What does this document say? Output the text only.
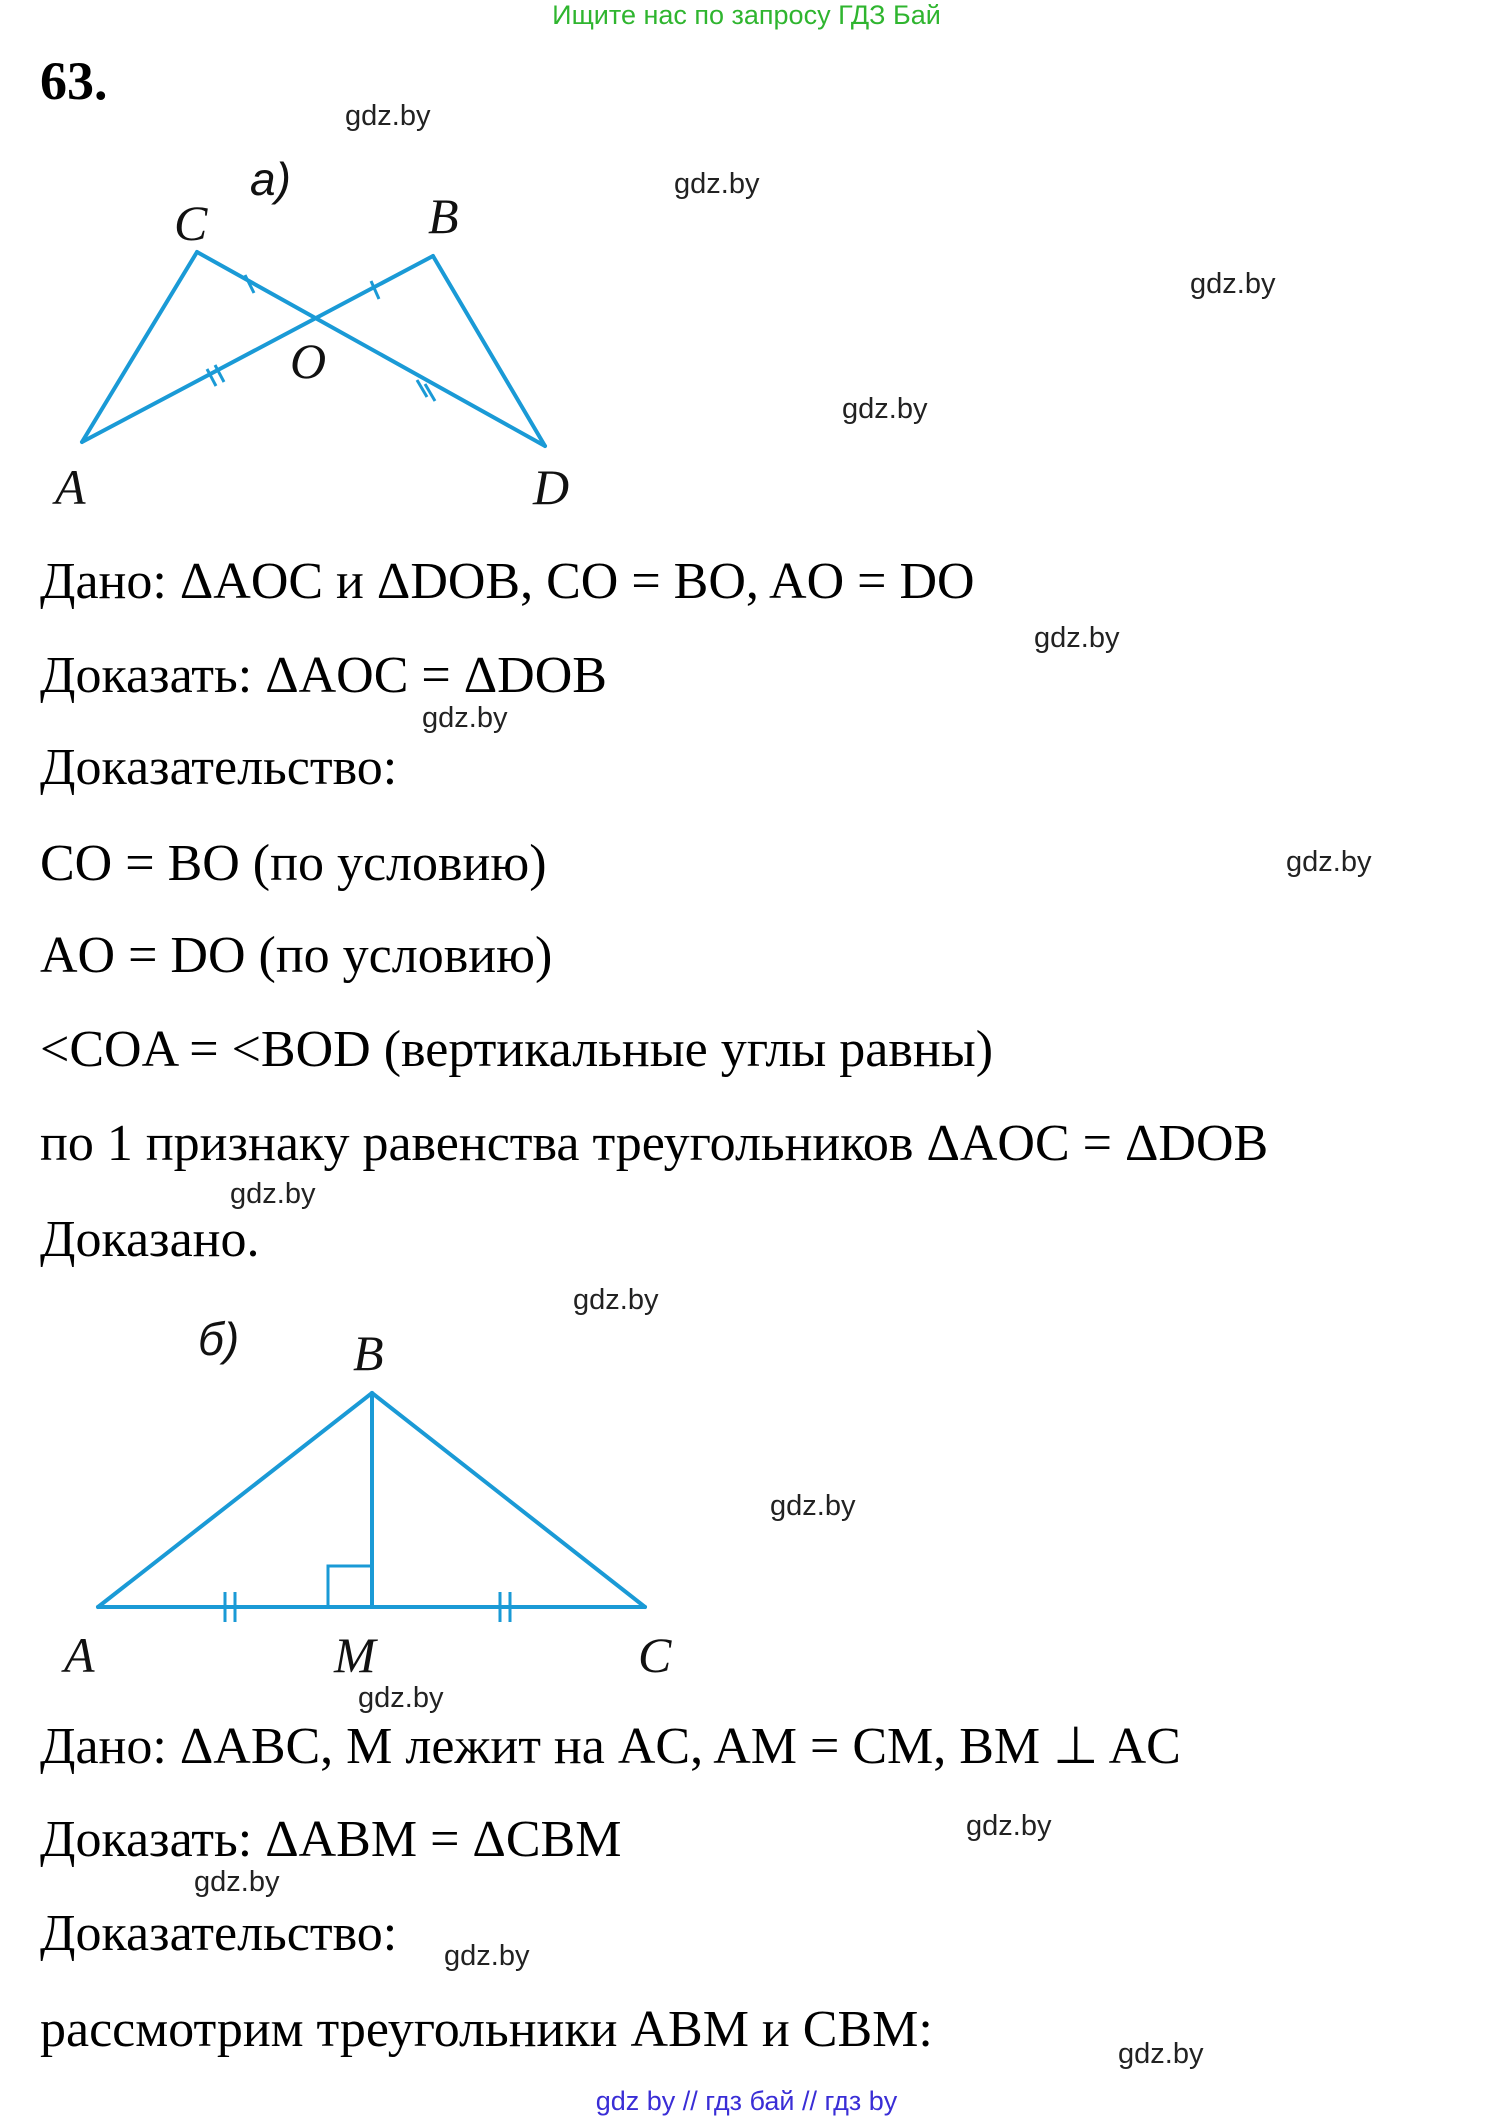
Ищите нас по запросу ГДЗ Бай
63.
а)
C	B
O
A	D
Дано: ΔAOC и ΔDOB, CO = BO, AO = DO
Доказать: ΔAOC = ΔDOB
Доказательство:
CO = BO (по условию)
AO = DO (по условию)
<COA = <BOD (вертикальные углы равны)
по 1 признаку равенства треугольников ΔAOC = ΔDOB
Доказано.
б) B
A	M	C
Дано: ΔABC, M лежит на AC, AM = CM, BM ⊥ AC
Доказать: ΔABM = ΔCBM
Доказательство:
рассмотрим треугольники ABM и CBM:
gdz.by
gdz.by
gdz.by
gdz.by
gdz.by
gdz.by
gdz.by
gdz.by
gdz.by
gdz.by
gdz.by
gdz.by
gdz.by
gdz.by
gdz.by
gdz by // гдз бай // гдз by
